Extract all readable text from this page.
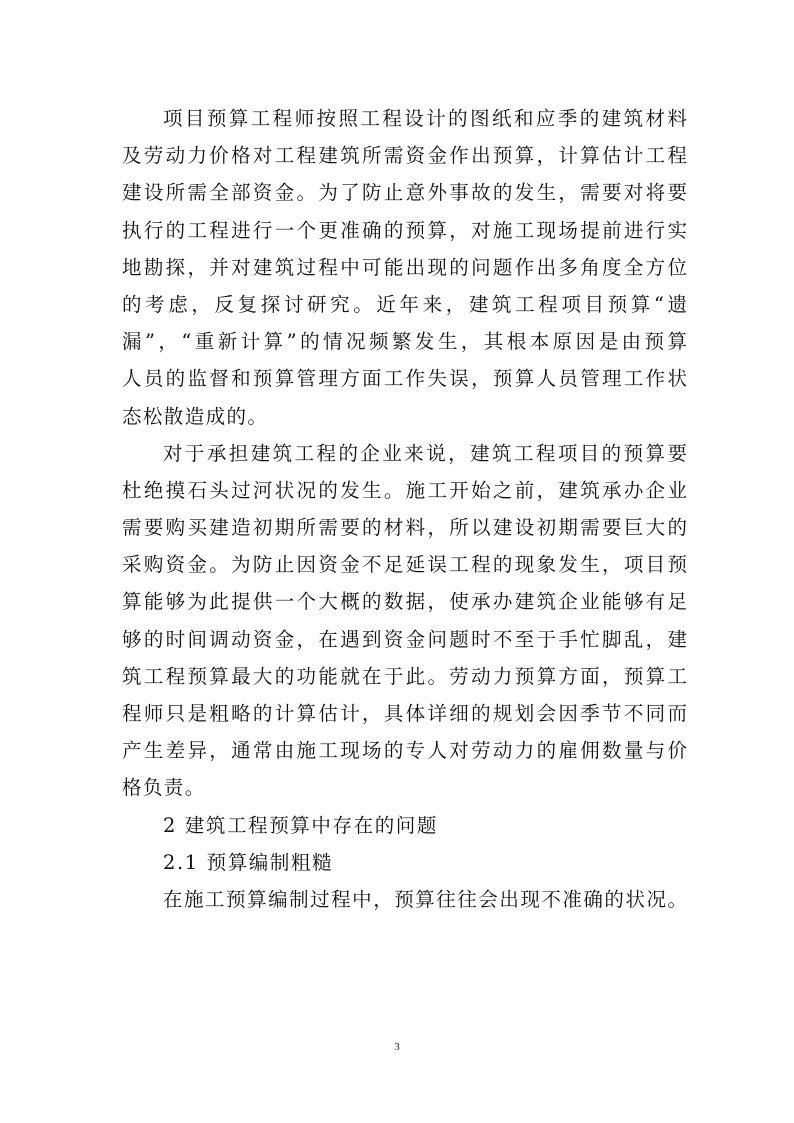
项目预算工程师按照工程设计的图纸和应季的建筑材料
及劳动力价格对工程建筑所需资金作出预算，计算估计工程
建设所需全部资金。为了防止意外事故的发生，需要对将要
执行的工程进行一个更准确的预算，对施工现场提前进行实
地勘探，并对建筑过程中可能出现的问题作出多角度全方位
的考虑，反复探讨研究。近年来，建筑工程项目预算“遗
漏”，“重新计算”的情况频繁发生，其根本原因是由预算
人员的监督和预算管理方面工作失误，预算人员管理工作状
态松散造成的。
对于承担建筑工程的企业来说，建筑工程项目的预算要
杜绝摸石头过河状况的发生。施工开始之前，建筑承办企业
需要购买建造初期所需要的材料，所以建设初期需要巨大的
采购资金。为防止因资金不足延误工程的现象发生，项目预
算能够为此提供一个大概的数据，使承办建筑企业能够有足
够的时间调动资金，在遇到资金问题时不至于手忙脚乱，建
筑工程预算最大的功能就在于此。劳动力预算方面，预算工
程师只是粗略的计算估计，具体详细的规划会因季节不同而
产生差异，通常由施工现场的专人对劳动力的雇佣数量与价
格负责。
2 建筑工程预算中存在的问题
2.1 预算编制粗糙
在施工预算编制过程中，预算往往会出现不准确的状况。
3
